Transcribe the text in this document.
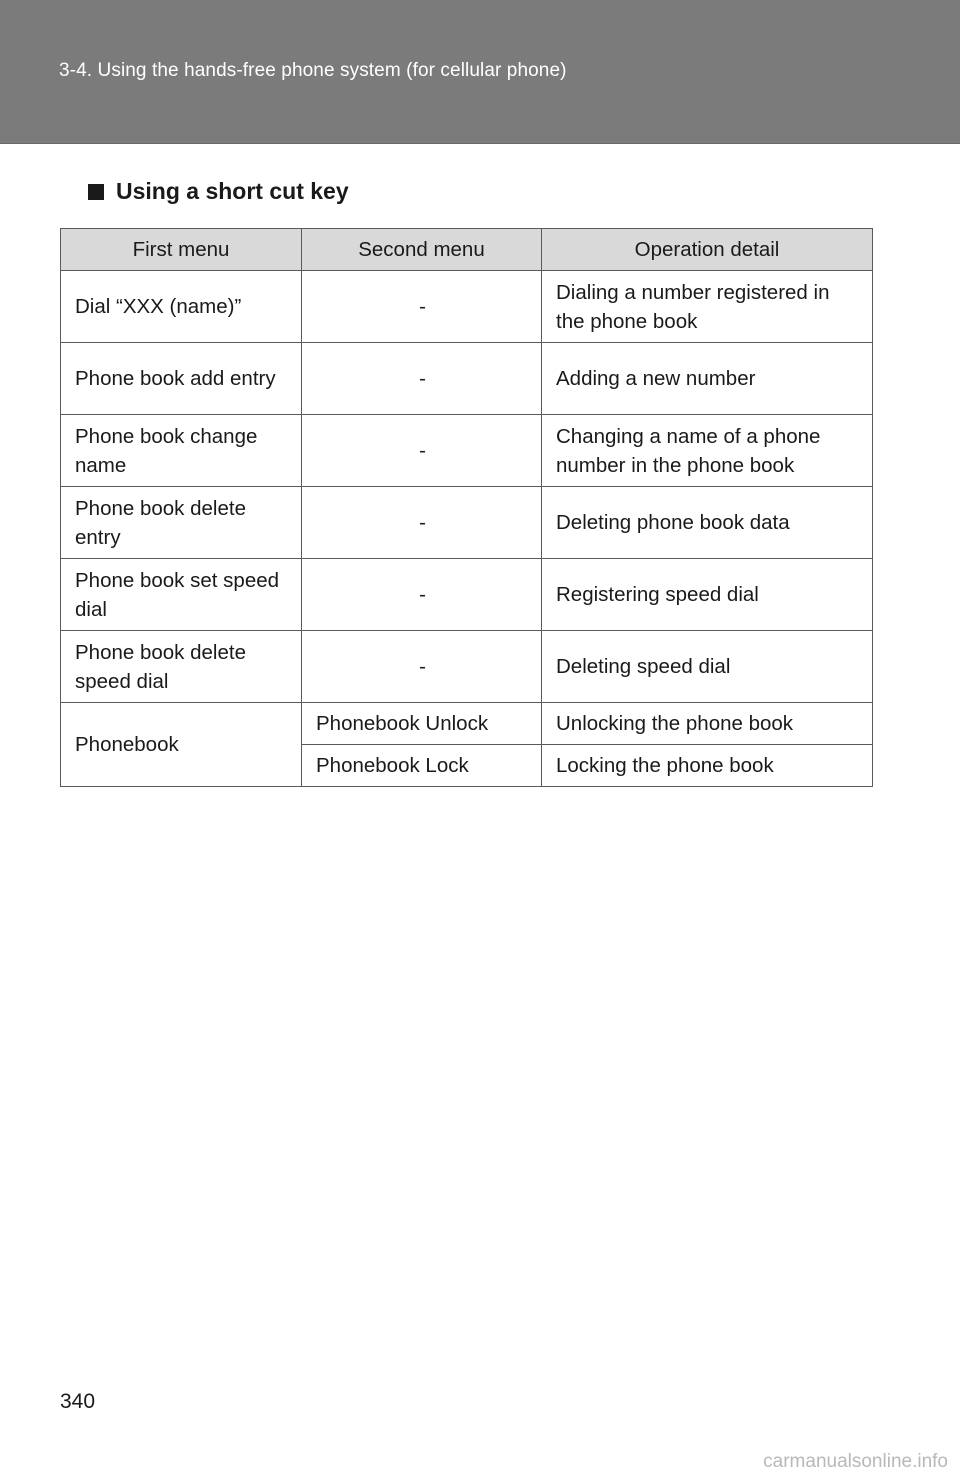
3-4. Using the hands-free phone system (for cellular phone)
Using a short cut key
First menu	Second menu	Operation detail
Dial “XXX (name)”	-	Dialing a number registered in the phone book
Phone book add entry	-	Adding a new number
Phone book change name	-	Changing a name of a phone number in the phone book
Phone book delete entry	-	Deleting phone book data
Phone book set speed dial	-	Registering speed dial
Phone book delete speed dial	-	Deleting speed dial
Phonebook	Phonebook Unlock	Unlocking the phone book
	Phonebook Lock	Locking the phone book
340
carmanualsonline.info
